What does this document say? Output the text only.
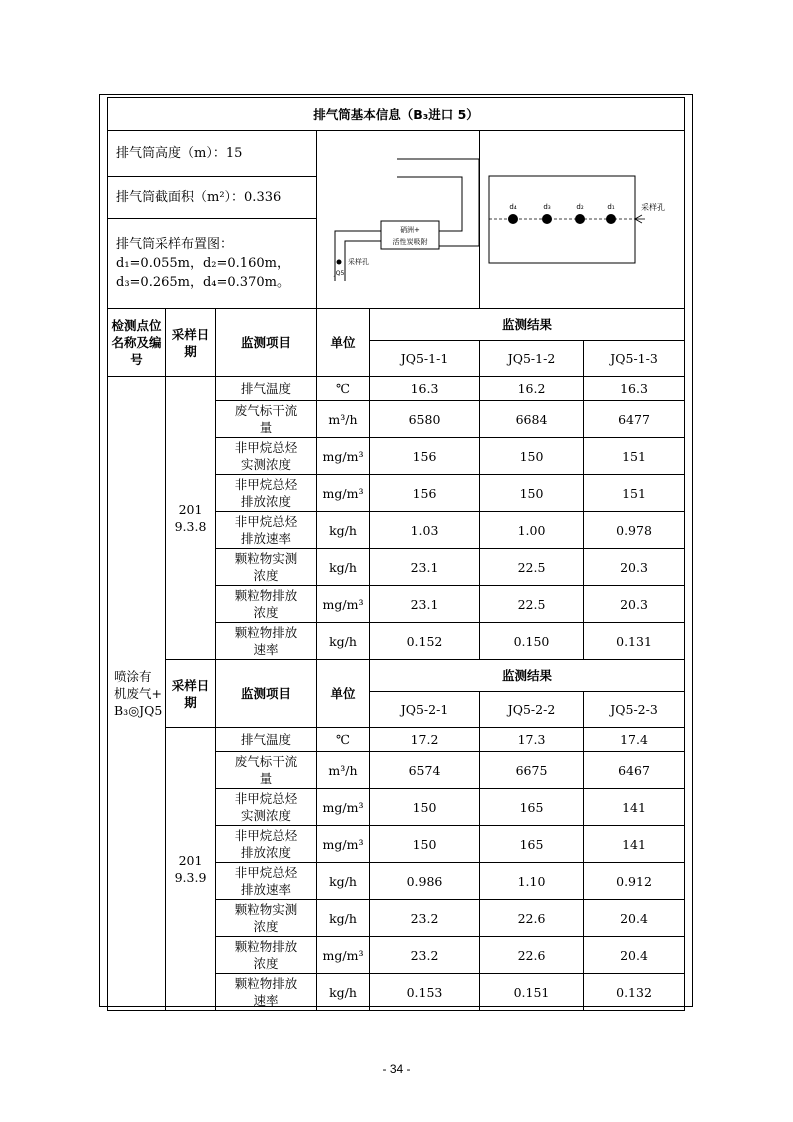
排气筒基本信息（B₃进口 5）						
排气筒高度（m）：15			硝洲+
活性炭吸附
采样孔
JQ5		采样孔
d₄ d₃ d₂ d₁	

排气筒截面积（m²）：0.336						

排气筒采样布置图：
d₁=0.055m，d₂=0.160m，
d₃=0.265m，d₄=0.370m。						

检测点位名称及编号	采样日期	监测项目	单位	监测结果		
				JQ5-1-1	JQ5-1-2	JQ5-1-3
喷涂有机废气+B₃◎JQ5	2019.3.8	排气温度	℃	16.3	16.2	16.3
		废气标干流量	m³/h	6580	6684	6477
		非甲烷总烃实测浓度	mg/m³	156	150	151
		非甲烷总烃排放浓度	mg/m³	156	150	151
		非甲烷总烃排放速率	kg/h	1.03	1.00	0.978
		颗粒物实测浓度	kg/h	23.1	22.5	20.3
		颗粒物排放浓度	mg/m³	23.1	22.5	20.3
		颗粒物排放速率	kg/h	0.152	0.150	0.131
	采样日期	监测项目	单位	监测结果		
				JQ5-2-1	JQ5-2-2	JQ5-2-3
	2019.3.9	排气温度	℃	17.2	17.3	17.4
		废气标干流量	m³/h	6574	6675	6467
		非甲烷总烃实测浓度	mg/m³	150	165	141
		非甲烷总烃排放浓度	mg/m³	150	165	141
		非甲烷总烃排放速率	kg/h	0.986	1.10	0.912
		颗粒物实测浓度	kg/h	23.2	22.6	20.4
		颗粒物排放浓度	mg/m³	23.2	22.6	20.4
		颗粒物排放速率	kg/h	0.153	0.151	0.132
- 34 -
